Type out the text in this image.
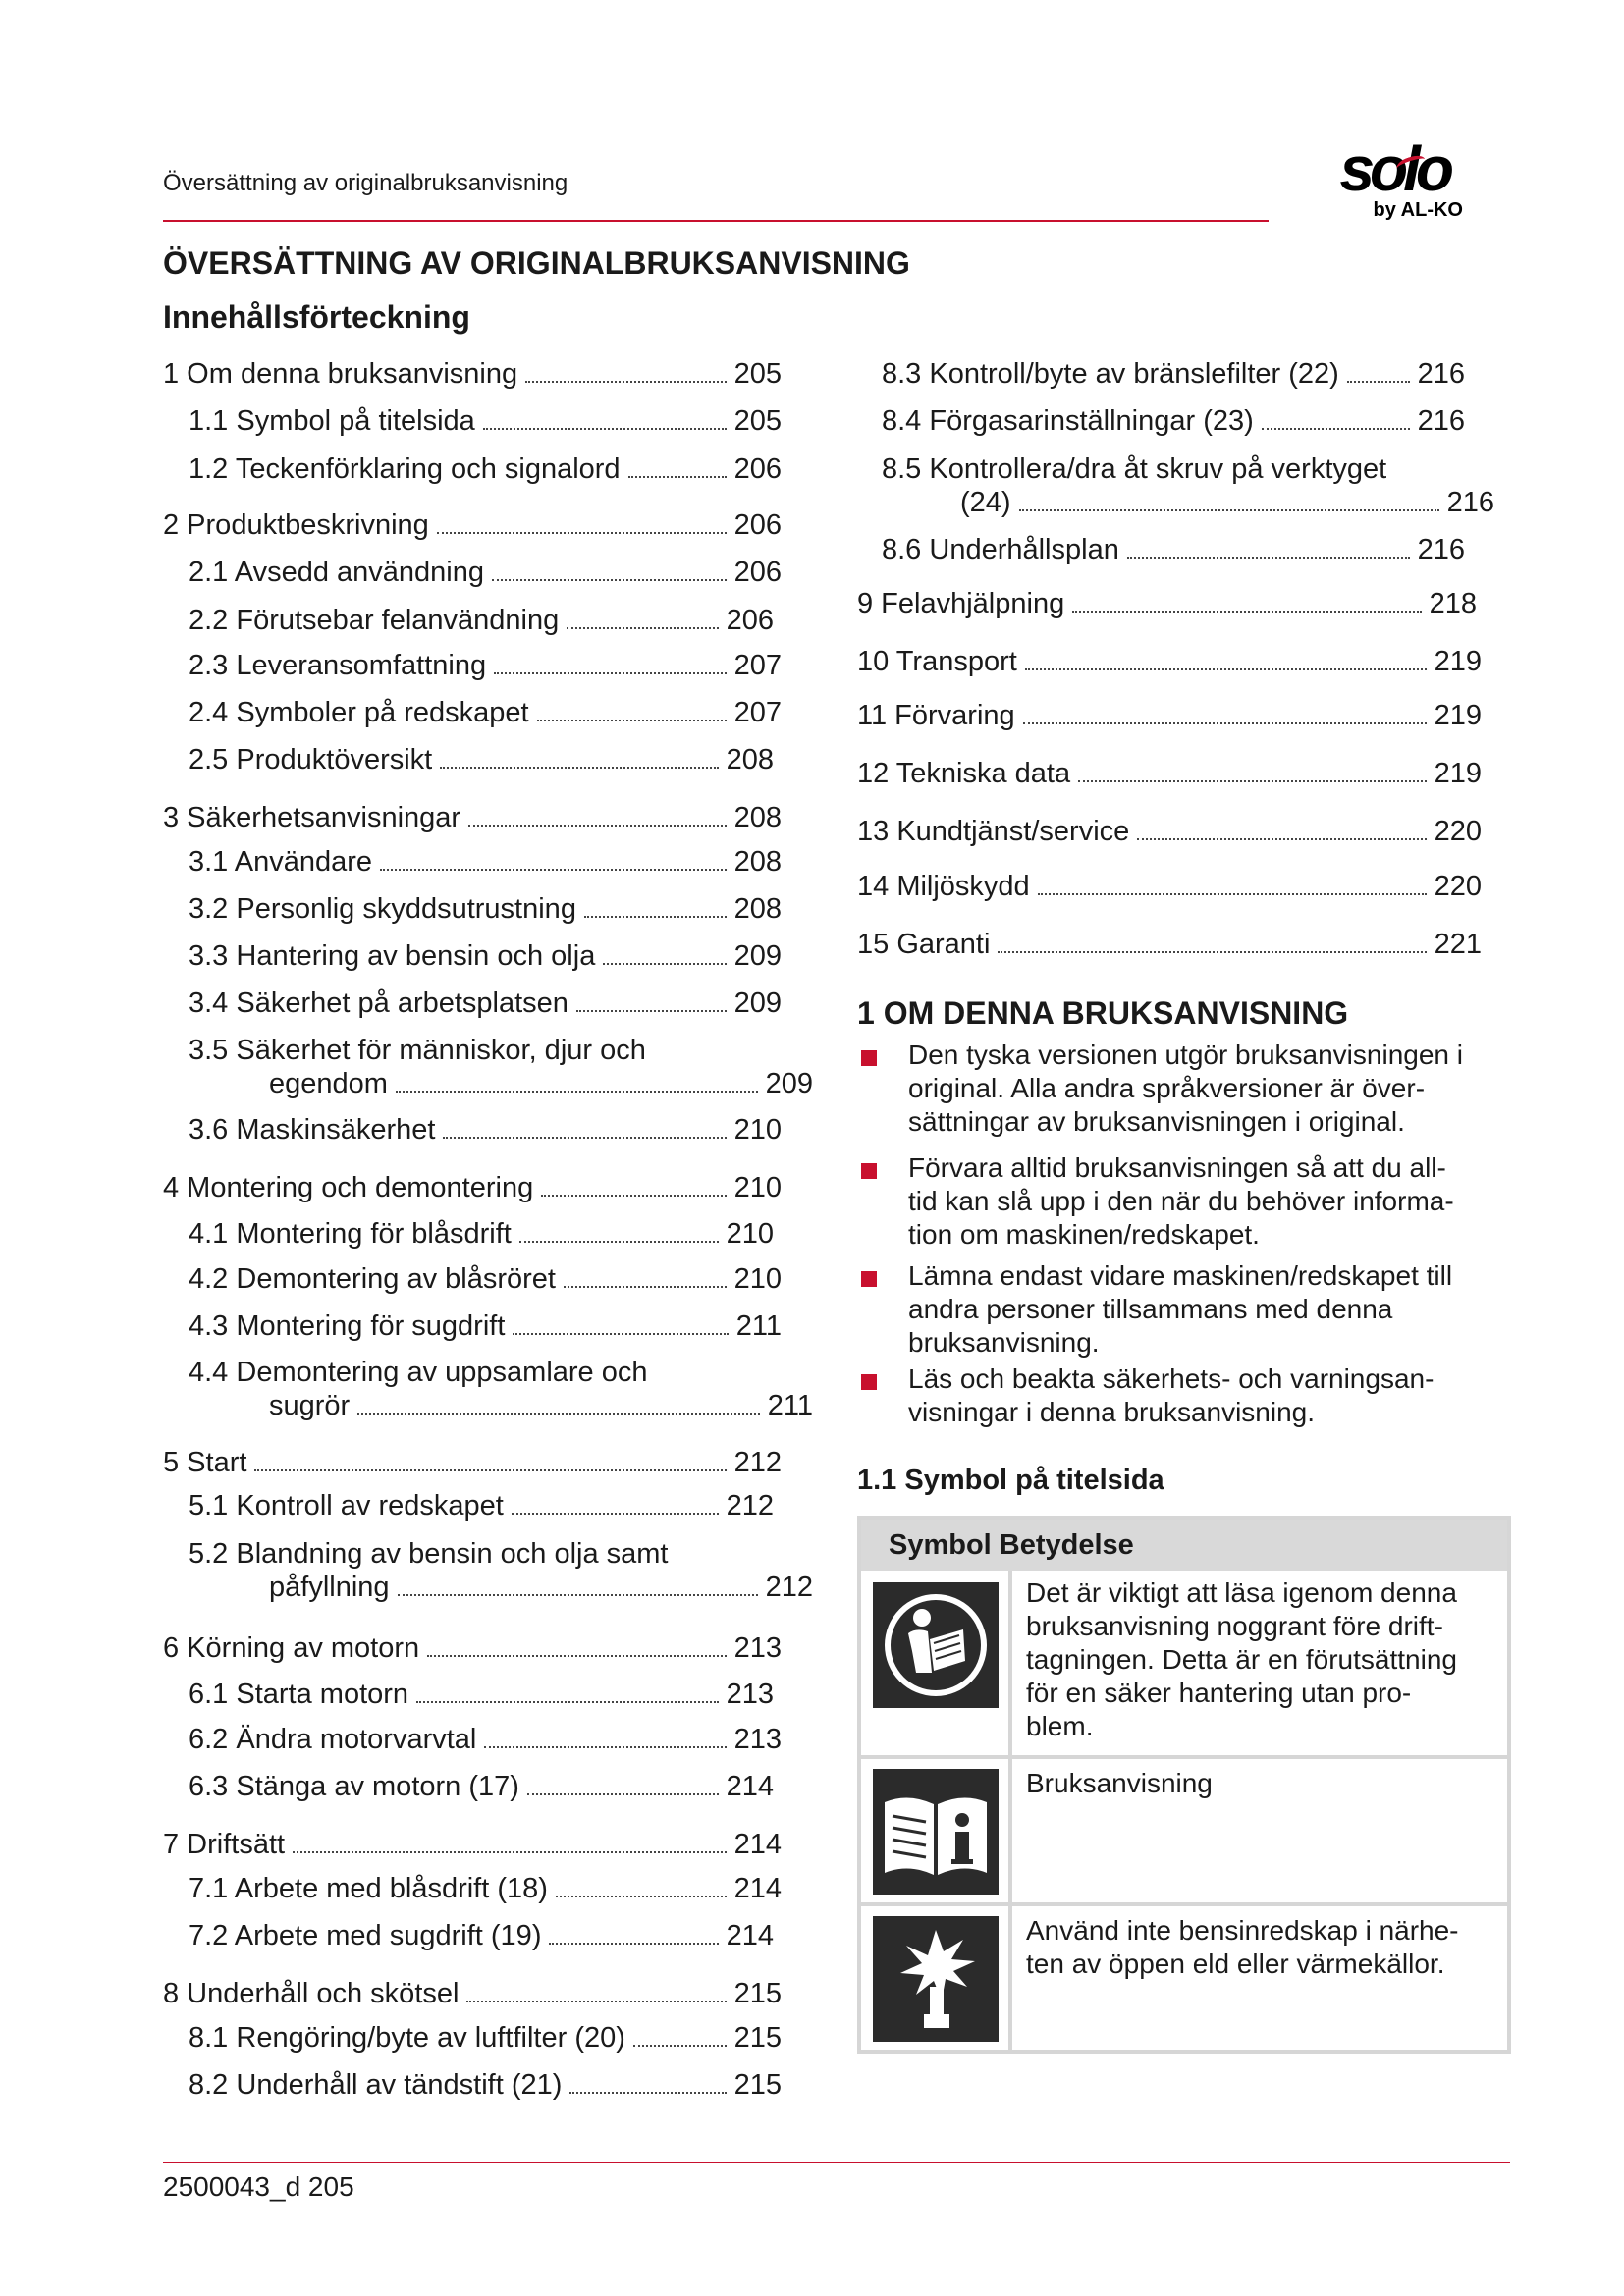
Översättning av originalbruksanvisning	solo
by AL-KO
ÖVERSÄTTNING AV ORIGINALBRUKSANVISNING
Innehållsförteckning
1 Om denna bruksanvisning	205
1.1 Symbol på titelsida	205
1.2 Teckenförklaring och signalord	206
2 Produktbeskrivning	206
2.1 Avsedd användning	206
2.2 Förutsebar felanvändning	206
2.3 Leveransomfattning	207
2.4 Symboler på redskapet	207
2.5 Produktöversikt	208
3 Säkerhetsanvisningar	208
3.1 Användare	208
3.2 Personlig skyddsutrustning	208
3.3 Hantering av bensin och olja	209
3.4 Säkerhet på arbetsplatsen	209
3.5 Säkerhet för människor, djur och
egendom	209
3.6 Maskinsäkerhet	210
4 Montering och demontering	210
4.1 Montering för blåsdrift	210
4.2 Demontering av blåsröret	210
4.3 Montering för sugdrift	211
4.4 Demontering av uppsamlare och
sugrör	211
5 Start	212
5.1 Kontroll av redskapet	212
5.2 Blandning av bensin och olja samt
påfyllning	212
6 Körning av motorn	213
6.1 Starta motorn	213
6.2 Ändra motorvarvtal	213
6.3 Stänga av motorn (17)	214
7 Driftsätt	214
7.1 Arbete med blåsdrift (18)	214
7.2 Arbete med sugdrift (19)	214
8 Underhåll och skötsel	215
8.1 Rengöring/byte av luftfilter (20)	215
8.2 Underhåll av tändstift (21)	215
8.3 Kontroll/byte av bränslefilter (22)	216
8.4 Förgasarinställningar (23)	216
8.5 Kontrollera/dra åt skruv på verktyget
(24)	216
8.6 Underhållsplan	216
9 Felavhjälpning	218
10 Transport	219
11 Förvaring	219
12 Tekniska data	219
13 Kundtjänst/service	220
14 Miljöskydd	220
15 Garanti	221
1 OM DENNA BRUKSANVISNING
Den tyska versionen utgör bruksanvisningen i
original. Alla andra språkversioner är över-
sättningar av bruksanvisningen i original.
Förvara alltid bruksanvisningen så att du all-
tid kan slå upp i den när du behöver informa-
tion om maskinen/redskapet.
Lämna endast vidare maskinen/redskapet till
andra personer tillsammans med denna
bruksanvisning.
Läs och beakta säkerhets- och varningsan-
visningar i denna bruksanvisning.
1.1 Symbol på titelsida
Symbol Betydelse
Det är viktigt att läsa igenom denna
bruksanvisning noggrant före drift-
tagningen. Detta är en förutsättning
för en säker hantering utan pro-
blem.
Bruksanvisning
Använd inte bensinredskap i närhe-
ten av öppen eld eller värmekällor.
2500043_d 205
